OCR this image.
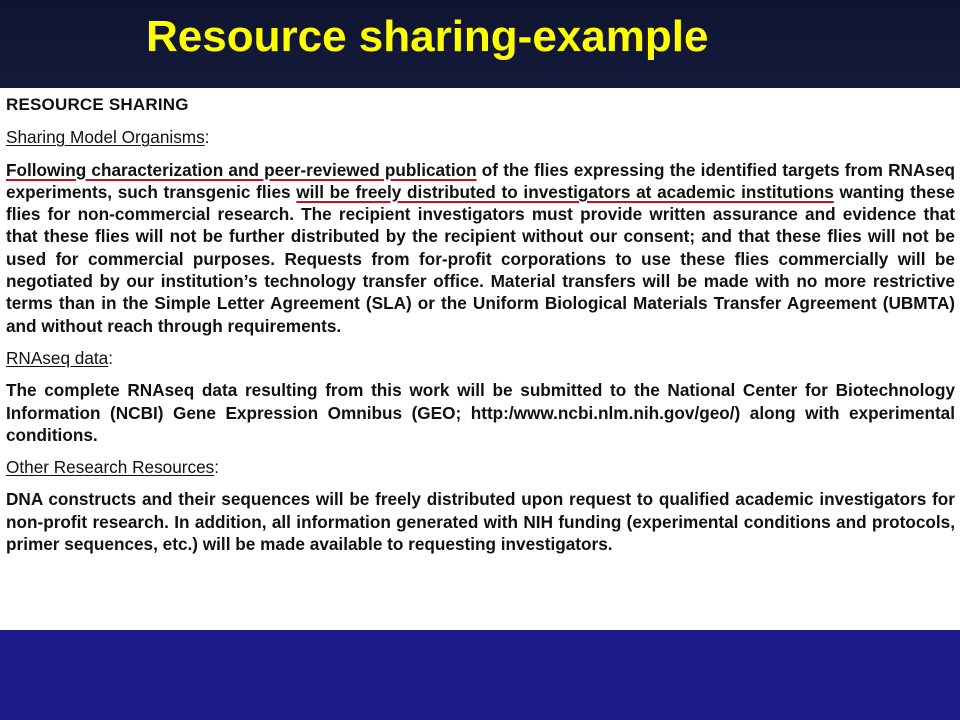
Resource sharing-example
RESOURCE SHARING
Sharing Model Organisms:

Following characterization and peer-reviewed publication of the flies expressing the identified targets from RNAseq experiments, such transgenic flies will be freely distributed to investigators at academic institutions wanting these flies for non-commercial research. The recipient investigators must provide written assurance and evidence that that these flies will not be further distributed by the recipient without our consent; and that these flies will not be used for commercial purposes. Requests from for-profit corporations to use these flies commercially will be negotiated by our institution’s technology transfer office. Material transfers will be made with no more restrictive terms than in the Simple Letter Agreement (SLA) or the Uniform Biological Materials Transfer Agreement (UBMTA) and without reach through requirements.

RNAseq data:

The complete RNAseq data resulting from this work will be submitted to the National Center for Biotechnology Information (NCBI) Gene Expression Omnibus (GEO; http:/www.ncbi.nlm.nih.gov/geo/) along with experimental conditions.

Other Research Resources:

DNA constructs and their sequences will be freely distributed upon request to qualified academic investigators for non-profit research. In addition, all information generated with NIH funding (experimental conditions and protocols, primer sequences, etc.) will be made available to requesting investigators.
